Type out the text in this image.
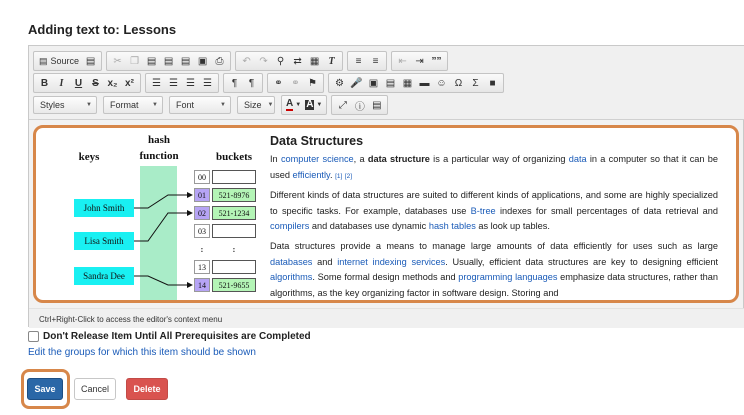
Adding text to: Lessons
▤ Source ▤	✂ ❐ ▤ ▤ ▤ ▣ ⎙	↶ ↷ ⚲ ⇄ ▦ T	≡	≡	⇤ ⇥ ””
B I U S x₂ x²	☰ ☰ ☰ ☰	¶ ¶	⚭ ⚭ ⚑	⚙ 🎤 ▣ ▤ ▦ ▬ ☺ Ω Σ	■
Styles	▼ Format ▼ Font	▼ Size ▼ A ▼ A ▼	⤢ ⓘ ▤
keys
hash
function	buckets
John Smith
Lisa Smith
Sandra Dee
00
01
02
03
:
13
14
521-8976
521-1234
:
521-9655
Data Structures

In computer science, a data structure is a particular way of organizing data in a computer so that it can be used efficiently. [1] [2]

Different kinds of data structures are suited to different kinds of applications, and some are highly specialized to specific tasks. For example, databases use B-tree indexes for small percentages of data retrieval and compilers and databases use dynamic hash tables as look up tables.

Data structures provide a means to manage large amounts of data efficiently for uses such as large databases and internet indexing services. Usually, efficient data structures are key to designing efficient algorithms. Some formal design methods and programming languages emphasize data structures, rather than algorithms, as the key organizing factor in software design. Storing and

Ctrl+Right-Click to access the editor's context menu
Don't Release Item Until All Prerequisites are Completed
Edit the groups for which this item should be shown
Save	Cancel	Delete
